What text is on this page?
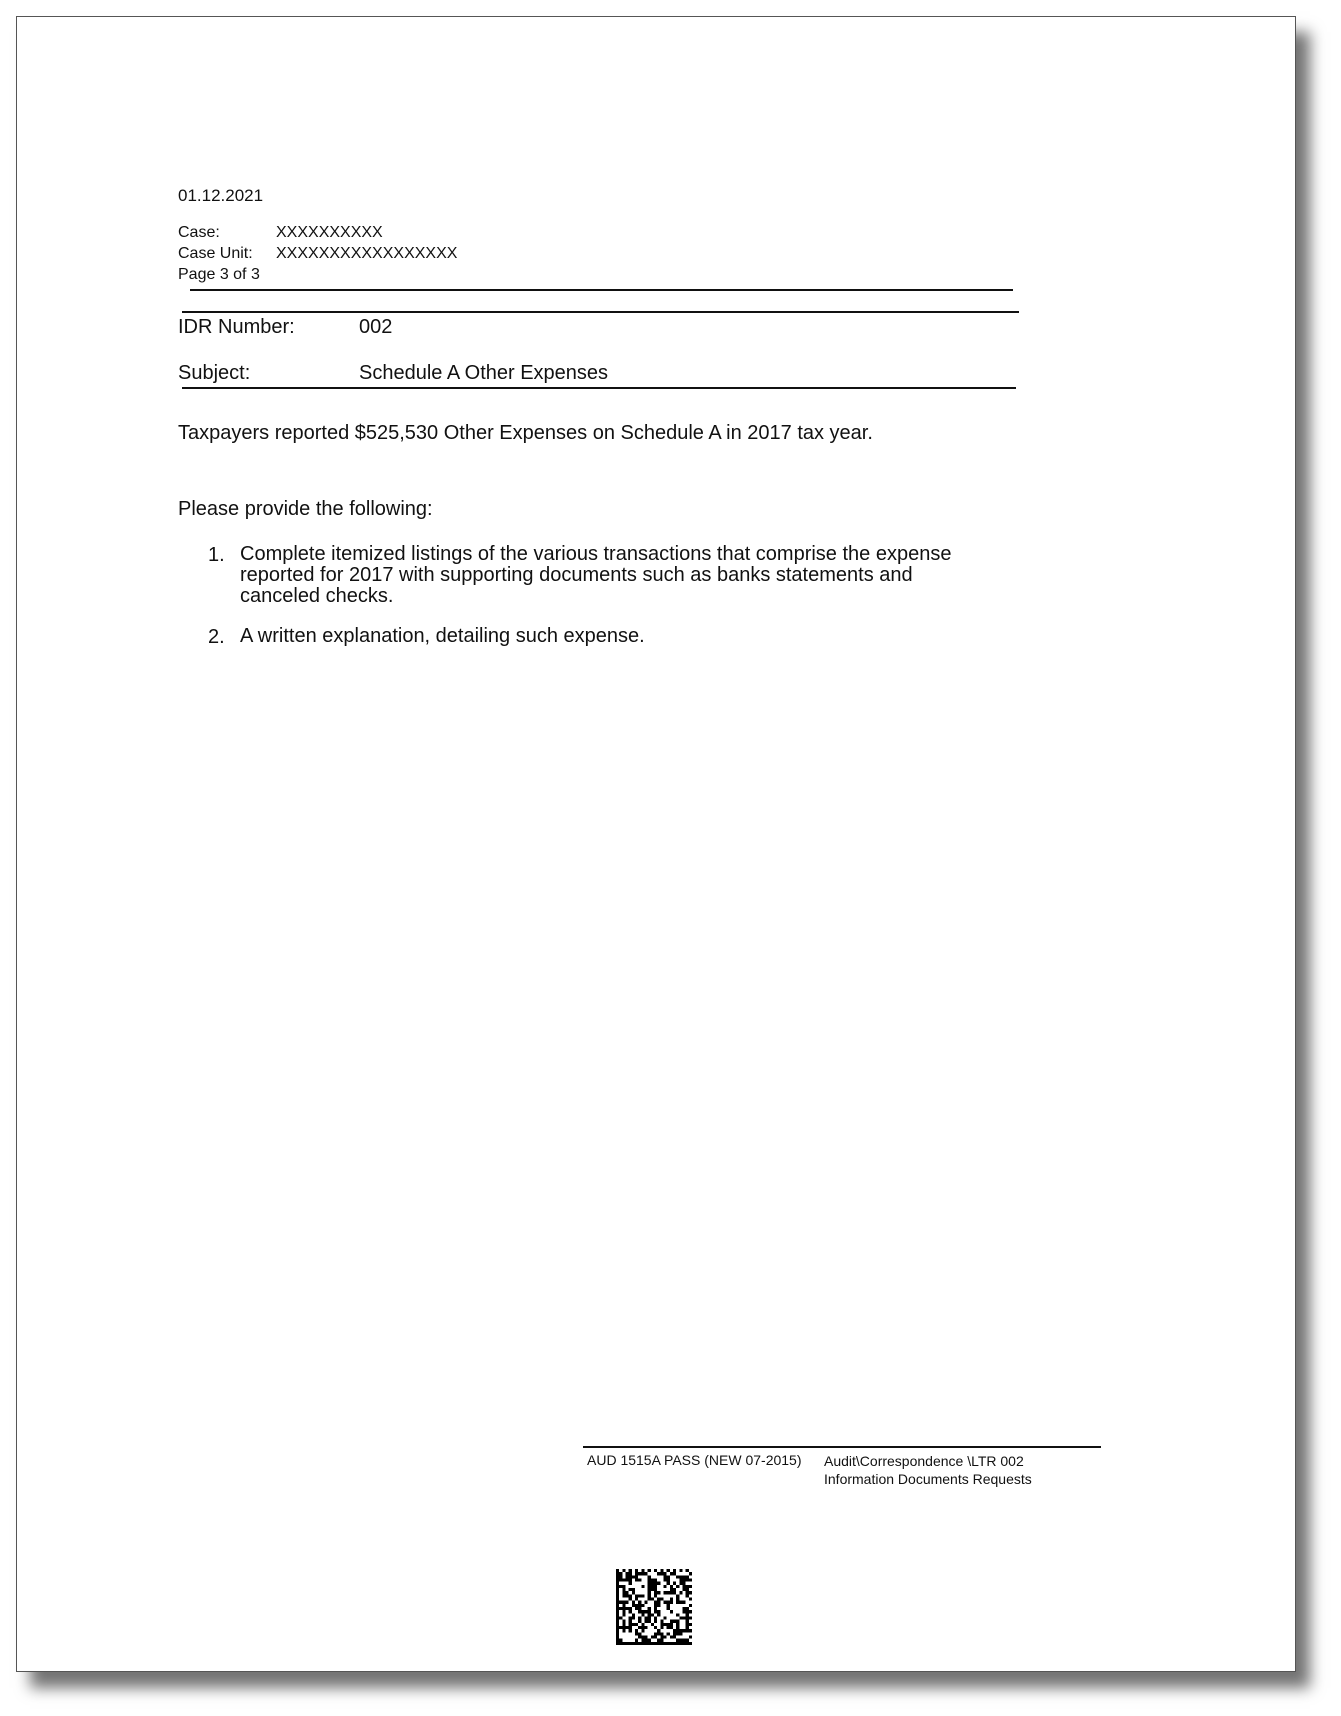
01.12.2021
Case:	XXXXXXXXXX
Case Unit: XXXXXXXXXXXXXXXXX
Page 3 of 3
IDR Number:	002
Subject:	Schedule A Other Expenses
Taxpayers reported $525,530 Other Expenses on Schedule A in 2017 tax year.
Please provide the following:
1. Complete itemized listings of the various transactions that comprise the expense
reported for 2017 with supporting documents such as banks statements and
canceled checks.
2. A written explanation, detailing such expense.
AUD 1515A PASS (NEW 07-2015) Audit\Correspondence \LTR 002
Information Documents Requests
